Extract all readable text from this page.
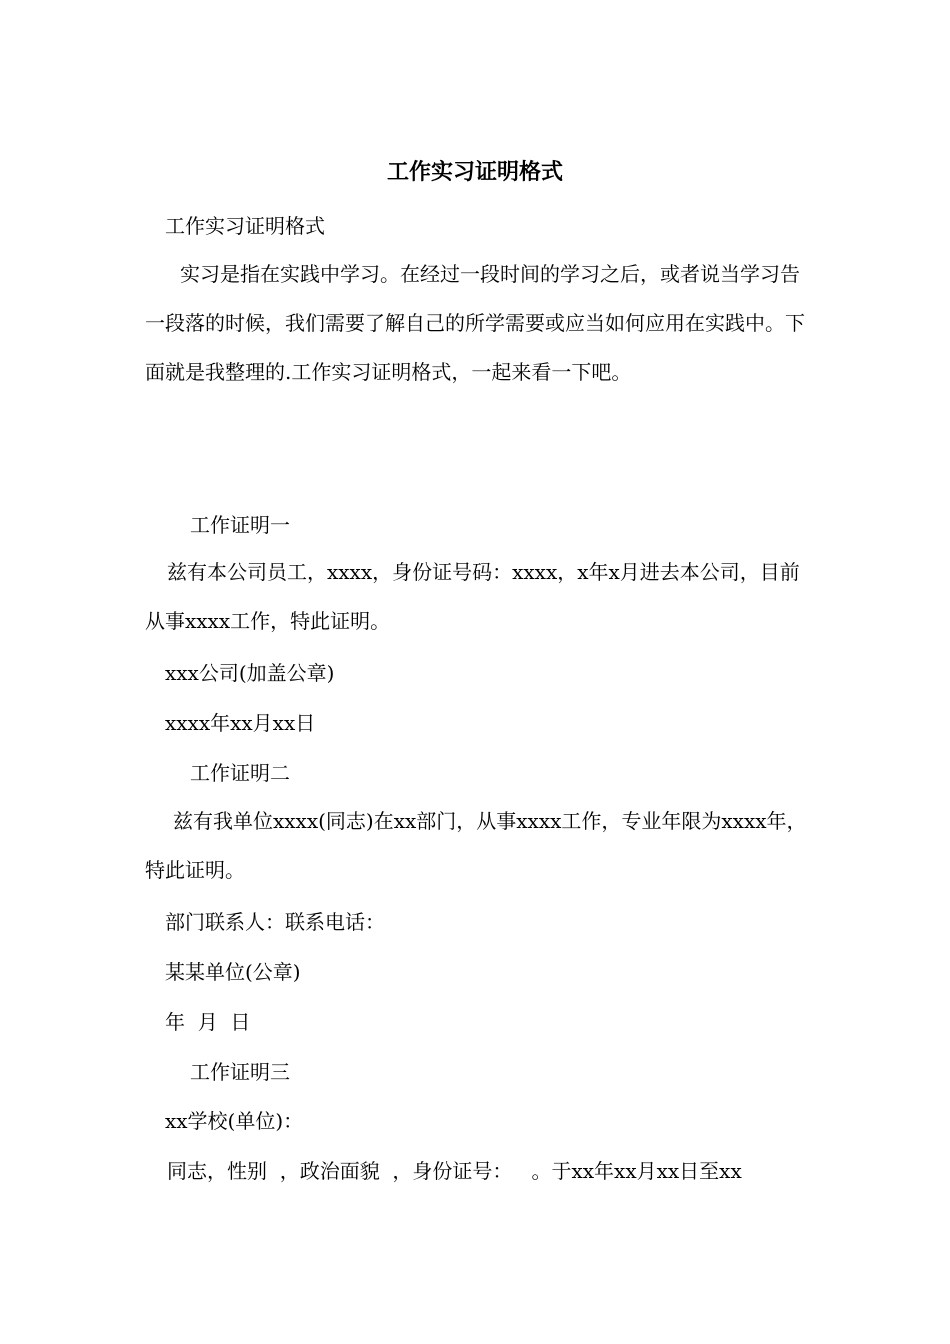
工作实习证明格式
工作实习证明格式

实习是指在实践中学习。在经过一段时间的学习之后，或者说当学习告一段落的时候，我们需要了解自己的所学需要或应当如何应用在实践中。下面就是我整理的.工作实习证明格式，一起来看一下吧。

工作证明一

兹有本公司员工，xxxx，身份证号码：xxxx，x年x月进去本公司，目前从事xxxx工作，特此证明。

xxx公司(加盖公章)
xxxx年xx月xx日
工作证明二

兹有我单位xxxx(同志)在xx部门，从事xxxx工作，专业年限为xxxx年，特此证明。

部门联系人：联系电话：
某某单位(公章)
年  月  日
工作证明三
xx学校(单位)：
同志，性别  ，政治面貌  ，身份证号：   。于xx年xx月xx日至xx
